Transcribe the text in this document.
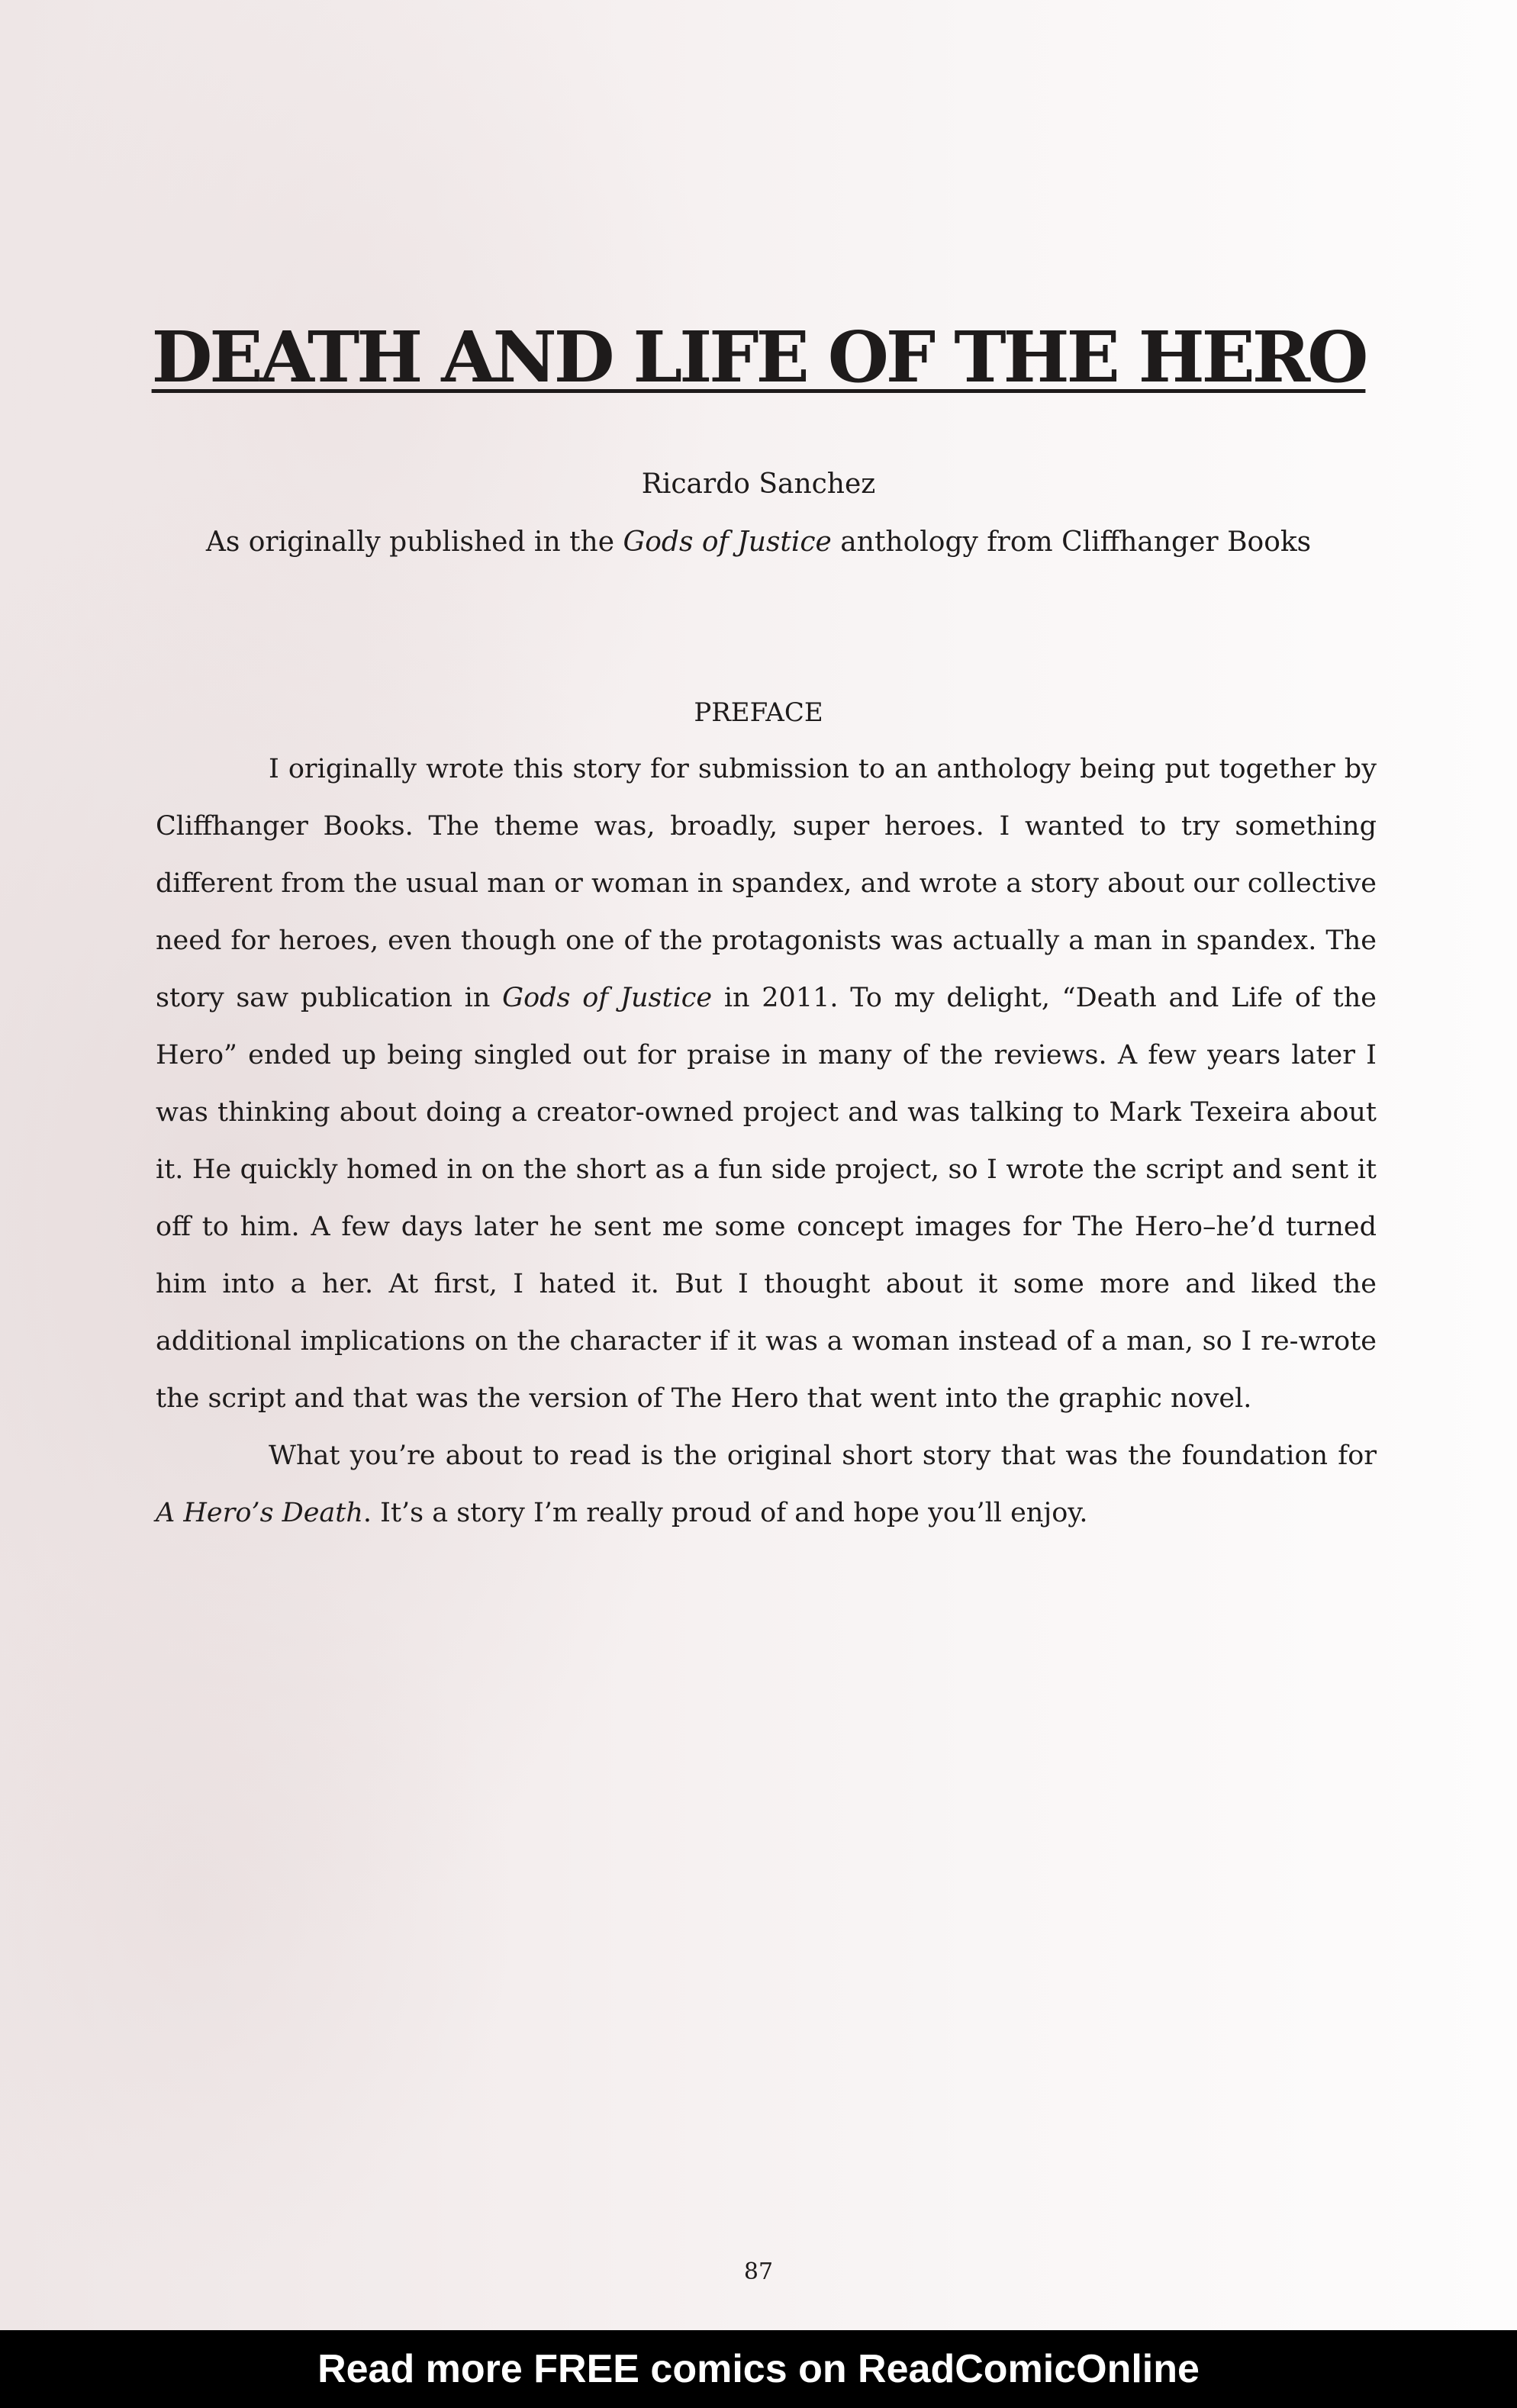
DEATH AND LIFE OF THE HERO
Ricardo Sanchez
As originally published in the Gods of Justice anthology from Cliffhanger Books
PREFACE

I originally wrote this story for submission to an anthology being put together by Cliffhanger Books. The theme was, broadly, super heroes. I wanted to try something different from the usual man or woman in spandex, and wrote a story about our collective need for heroes, even though one of the protagonists was actually a man in spandex. The story saw publication in Gods of Justice in 2011. To my delight, “Death and Life of the Hero” ended up being singled out for praise in many of the reviews. A few years later I was thinking about doing a creator-owned project and was talking to Mark Texeira about it. He quickly homed in on the short as a fun side project, so I wrote the script and sent it off to him. A few days later he sent me some concept images for The Hero–he’d turned him into a her. At first, I hated it. But I thought about it some more and liked the additional implications on the character if it was a woman instead of a man, so I re-wrote the script and that was the version of The Hero that went into the graphic novel.

What you’re about to read is the original short story that was the foundation for A Hero’s Death. It’s a story I’m really proud of and hope you’ll enjoy.

87
Read more FREE comics on ReadComicOnline
